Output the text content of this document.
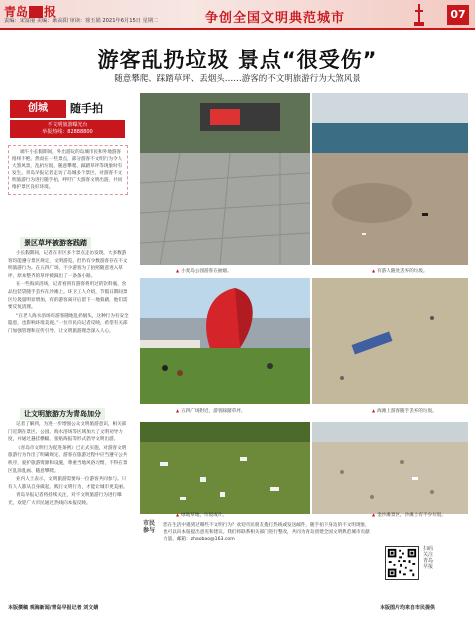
青岛 报
责编：宋富丽 美编：耿高阳 审读：徐玉娟 2021年6月15日 星期二	争创全国文明典范城市	07
游客乱扔垃圾 景点“很受伤”
随意攀爬、踩踏草坪、丢烟头……游客的不文明旅游行为大煞风景
创城	随手拍
不文明旅游曝光台
举报热线：82888800
端午小长假期间，外出游玩的岛城市民和外地游客络绎不绝。然而在一些景点，部分游客不文明行为令人大煞风景，乱扔垃圾、随意攀爬、踩踏草坪等现象时有发生。青岛早报记者走访了岛城多个景区，对游客不文明旅游行为进行随手拍，呼吁广大游客文明出游，共同维护景区良好环境。
景区草坪被游客践踏

小长假期间，记者在市区多个景点走访发现，大多数游客均能遵守景区规定，文明游览，但仍有少数游客存在不文明旅游行为。在五四广场，不少游客为了拍照随意进入草坪，原本整齐的草坪被踩出了一条条小路。

在一些海滨浴场，记者看到有游客将用过的饮料瓶、食品包装袋随手丢弃在沙滩上。环卫工人介绍，节假日期间景区垃圾量明显增加，有的游客离开后留下一地狼藉，他们需要反复清理。

“在老人海水浴场有游客随地乱扔烟头，这种行为有安全隐患，也影响环境美观。”一位市民向记者反映，希望有关部门加强管理和宣传引导，让文明旅游理念深入人心。

让文明旅游方为青岛加分

记者了解到，为进一步增强公众文明旅游意识，相关部门近期在景区、公园、海水浴场等区域加大了文明劝导力度，并通过悬挂横幅、张贴海报等形式倡导文明出游。

《青岛市文明行为促进条例》已正式实施，对游客文明旅游行为作出了明确规定。游客在旅游过程中应当遵守公共秩序，爱护旅游资源和设施，尊重当地风俗习惯，不得在景区乱涂乱画、随意攀爬。

业内人士表示，文明旅游需要每一位游客共同参与。只有人人都从自身做起，践行文明行为，才能让城市更美丽。

青岛早报记者将持续关注，对不文明旅游行为进行曝光，欢迎广大市民通过热线向本报反映。

本版撰稿 观海新闻/青岛早报记者 刘文婧
▲ 小麦岛公园游客在抽烟。	▲ 有游人随处丢弃的垃圾。
▲ 五四广场附近，游客踩踏草坪。	▲ 海滩上游客随手丢弃的垃圾。
▲ 绿地草地，垃圾成片。	▲ 金沙滩景区，沙滩上有不少垃圾。
市民参与
您在生活中遇到过哪些不文明行为？欢迎市民朋友拨打热线或发送邮件，随手拍下身边的不文明现象，也可以向本报提出意见和建议。我们将联系相关部门进行整改，共同为青岛创建全国文明典范城市贡献力量。邮箱：zhaobao@163.com
扫码关注青岛早报
本版图片均来自市民提供
